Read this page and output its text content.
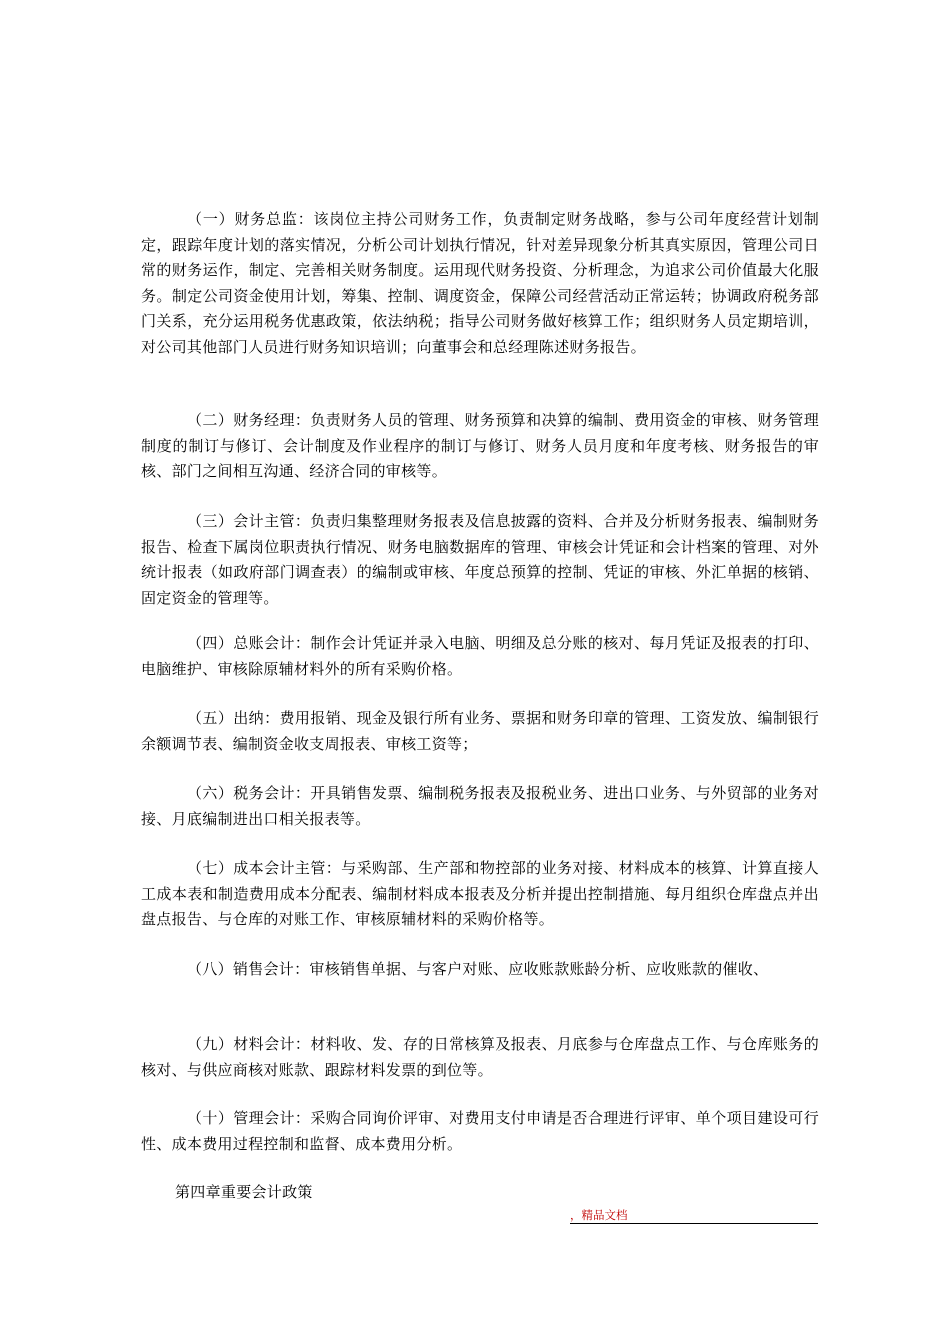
（一）财务总监：该岗位主持公司财务工作，负责制定财务战略，参与公司年度经营计划制定，跟踪年度计划的落实情况，分析公司计划执行情况，针对差异现象分析其真实原因，管理公司日常的财务运作，制定、完善相关财务制度。运用现代财务投资、分析理念，为追求公司价值最大化服务。制定公司资金使用计划，筹集、控制、调度资金，保障公司经营活动正常运转；协调政府税务部门关系，充分运用税务优惠政策，依法纳税；指导公司财务做好核算工作；组织财务人员定期培训，对公司其他部门人员进行财务知识培训；向董事会和总经理陈述财务报告。

（二）财务经理：负责财务人员的管理、财务预算和决算的编制、费用资金的审核、财务管理制度的制订与修订、会计制度及作业程序的制订与修订、财务人员月度和年度考核、财务报告的审核、部门之间相互沟通、经济合同的审核等。

（三）会计主管：负责归集整理财务报表及信息披露的资料、合并及分析财务报表、编制财务报告、检查下属岗位职责执行情况、财务电脑数据库的管理、审核会计凭证和会计档案的管理、对外统计报表（如政府部门调查表）的编制或审核、年度总预算的控制、凭证的审核、外汇单据的核销、固定资金的管理等。

（四）总账会计：制作会计凭证并录入电脑、明细及总分账的核对、每月凭证及报表的打印、电脑维护、审核除原辅材料外的所有采购价格。

（五）出纳：费用报销、现金及银行所有业务、票据和财务印章的管理、工资发放、编制银行余额调节表、编制资金收支周报表、审核工资等；

（六）税务会计：开具销售发票、编制税务报表及报税业务、进出口业务、与外贸部的业务对接、月底编制进出口相关报表等。

（七）成本会计主管：与采购部、生产部和物控部的业务对接、材料成本的核算、计算直接人工成本表和制造费用成本分配表、编制材料成本报表及分析并提出控制措施、每月组织仓库盘点并出盘点报告、与仓库的对账工作、审核原辅材料的采购价格等。

（八）销售会计：审核销售单据、与客户对账、应收账款账龄分析、应收账款的催收、

（九）材料会计：材料收、发、存的日常核算及报表、月底参与仓库盘点工作、与仓库账务的核对、与供应商核对账款、跟踪材料发票的到位等。

（十）管理会计：采购合同询价评审、对费用支付申请是否合理进行评审、单个项目建设可行性、成本费用过程控制和监督、成本费用分析。

第四章重要会计政策

，精品文档
